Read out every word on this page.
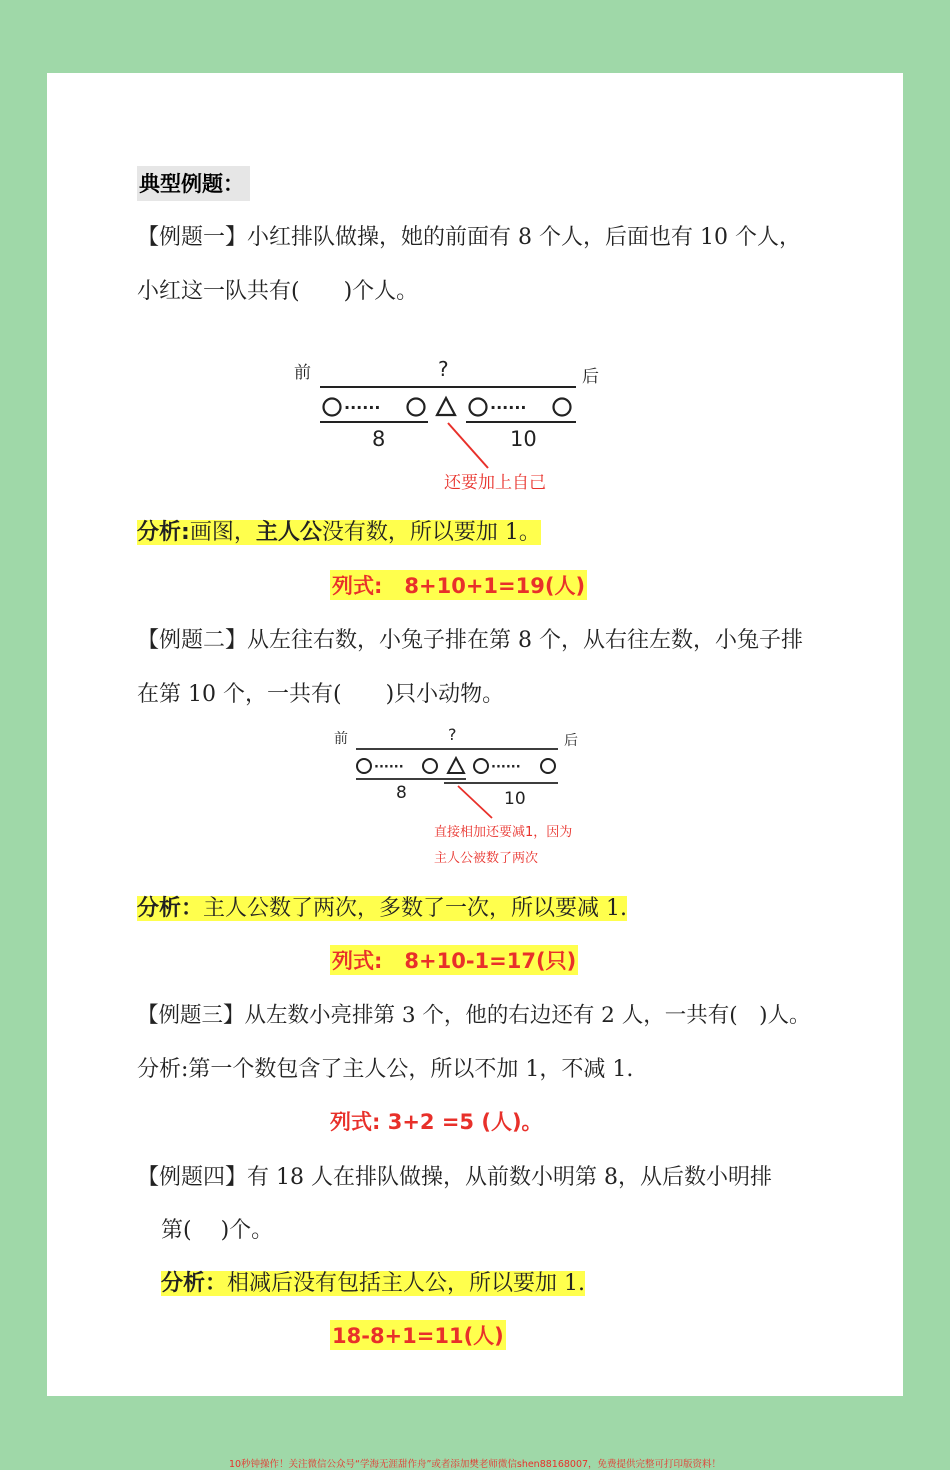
典型例题：
【例题一】小红排队做操，她的前面有 8 个人，后面也有 10 个人，
小红这一队共有(　　)个人。
前	?	后
······	······
8	10
还要加上自己
分析:画图，主人公没有数，所以要加 1。
列式: 8+10+1=19(人)
【例题二】从左往右数，小兔子排在第 8 个，从右往左数，小兔子排
在第 10 个，一共有(　　)只小动物。
前	?	后
······	······
8	10
直接相加还要减1，因为
主人公被数了两次
分析：主人公数了两次，多数了一次，所以要减 1.
列式: 8+10-1=17(只)
【例题三】从左数小亮排第 3 个，他的右边还有 2 人，一共有(　)人。
分析:第一个数包含了主人公，所以不加 1，不减 1.
列式: 3+2 =5 (人)。
【例题四】有 18 人在排队做操，从前数小明第 8，从后数小明排
第(　 )个。
分析：相减后没有包括主人公，所以要加 1.
18-8+1=11(人)
10秒钟操作！关注微信公众号“学海无涯甜作舟”或者添加樊老师微信shen88168007，免费提供完整可打印版资料！
